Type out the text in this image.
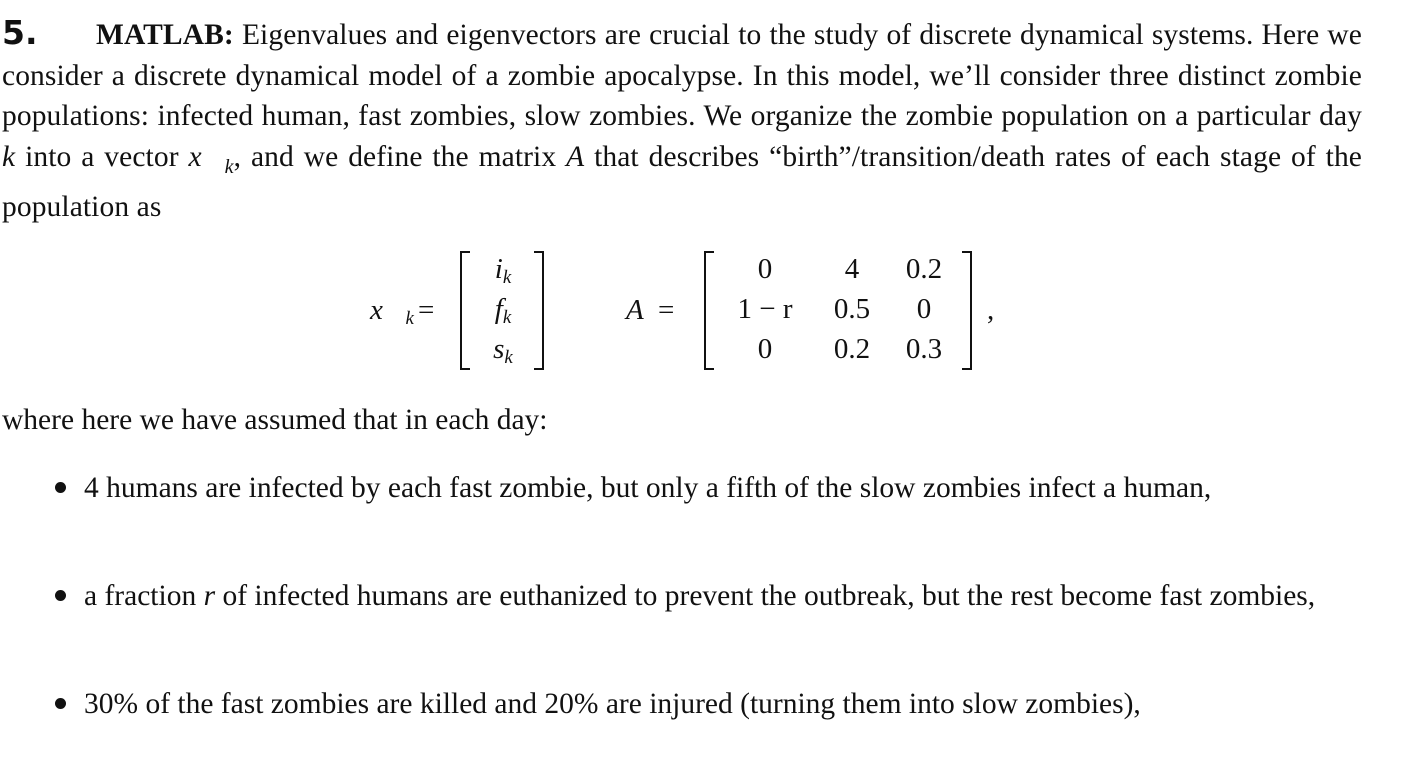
5. MATLAB: Eigenvalues and eigenvectors are crucial to the study of discrete dynamical systems. Here we consider a discrete dynamical model of a zombie apocalypse. In this model, we’ll consider three distinct zombie populations: infected human, fast zombies, slow zombies. We organize the zombie population on a particular day k into a vector $x⃗_k$, and we define the matrix A that describes “birth”/transition/death rates of each stage of the population as
$x⃗_k$ =
$i_k$
$f_k$
$s_k$
A =
0	4	0.2
1 − r	0.5	0
0	0.2	0.3
,
where here we have assumed that in each day:
4 humans are infected by each fast zombie, but only a fifth of the slow zombies infect a human,
a fraction r of infected humans are euthanized to prevent the outbreak, but the rest become fast zombies,
30% of the fast zombies are killed and 20% are injured (turning them into slow zombies),
